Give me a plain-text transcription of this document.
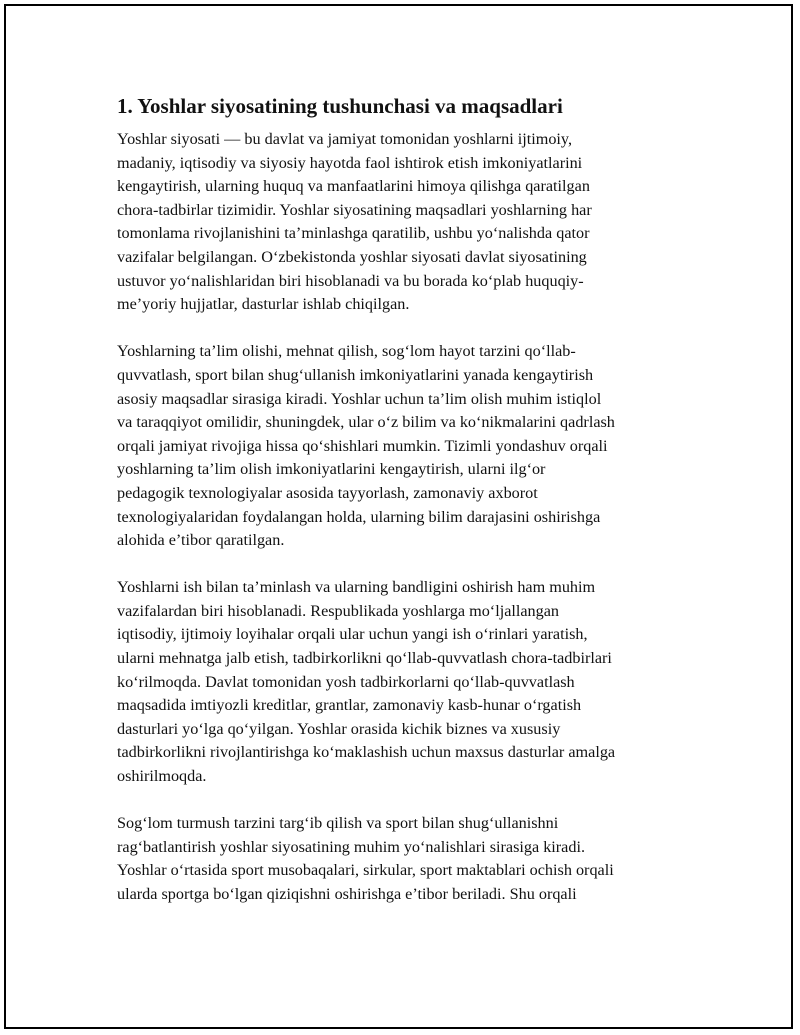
1. Yoshlar siyosatining tushunchasi va maqsadlari

Yoshlar siyosati — bu davlat va jamiyat tomonidan yoshlarni ijtimoiy,
madaniy, iqtisodiy va siyosiy hayotda faol ishtirok etish imkoniyatlarini
kengaytirish, ularning huquq va manfaatlarini himoya qilishga qaratilgan
chora-tadbirlar tizimidir. Yoshlar siyosatining maqsadlari yoshlarning har
tomonlama rivojlanishini ta’minlashga qaratilib, ushbu yo‘nalishda qator
vazifalar belgilangan. O‘zbekistonda yoshlar siyosati davlat siyosatining
ustuvor yo‘nalishlaridan biri hisoblanadi va bu borada ko‘plab huquqiy-
me’yoriy hujjatlar, dasturlar ishlab chiqilgan.

Yoshlarning ta’lim olishi, mehnat qilish, sog‘lom hayot tarzini qo‘llab-
quvvatlash, sport bilan shug‘ullanish imkoniyatlarini yanada kengaytirish
asosiy maqsadlar sirasiga kiradi. Yoshlar uchun ta’lim olish muhim istiqlol
va taraqqiyot omilidir, shuningdek, ular o‘z bilim va ko‘nikmalarini qadrlash
orqali jamiyat rivojiga hissa qo‘shishlari mumkin. Tizimli yondashuv orqali
yoshlarning ta’lim olish imkoniyatlarini kengaytirish, ularni ilg‘or
pedagogik texnologiyalar asosida tayyorlash, zamonaviy axborot
texnologiyalaridan foydalangan holda, ularning bilim darajasini oshirishga
alohida e’tibor qaratilgan.

Yoshlarni ish bilan ta’minlash va ularning bandligini oshirish ham muhim
vazifalardan biri hisoblanadi. Respublikada yoshlarga mo‘ljallangan
iqtisodiy, ijtimoiy loyihalar orqali ular uchun yangi ish o‘rinlari yaratish,
ularni mehnatga jalb etish, tadbirkorlikni qo‘llab-quvvatlash chora-tadbirlari
ko‘rilmoqda. Davlat tomonidan yosh tadbirkorlarni qo‘llab-quvvatlash
maqsadida imtiyozli kreditlar, grantlar, zamonaviy kasb-hunar o‘rgatish
dasturlari yo‘lga qo‘yilgan. Yoshlar orasida kichik biznes va xususiy
tadbirkorlikni rivojlantirishga ko‘maklashish uchun maxsus dasturlar amalga
oshirilmoqda.

Sog‘lom turmush tarzini targ‘ib qilish va sport bilan shug‘ullanishni
rag‘batlantirish yoshlar siyosatining muhim yo‘nalishlari sirasiga kiradi.
Yoshlar o‘rtasida sport musobaqalari, sirkular, sport maktablari ochish orqali
ularda sportga bo‘lgan qiziqishni oshirishga e’tibor beriladi. Shu orqali
